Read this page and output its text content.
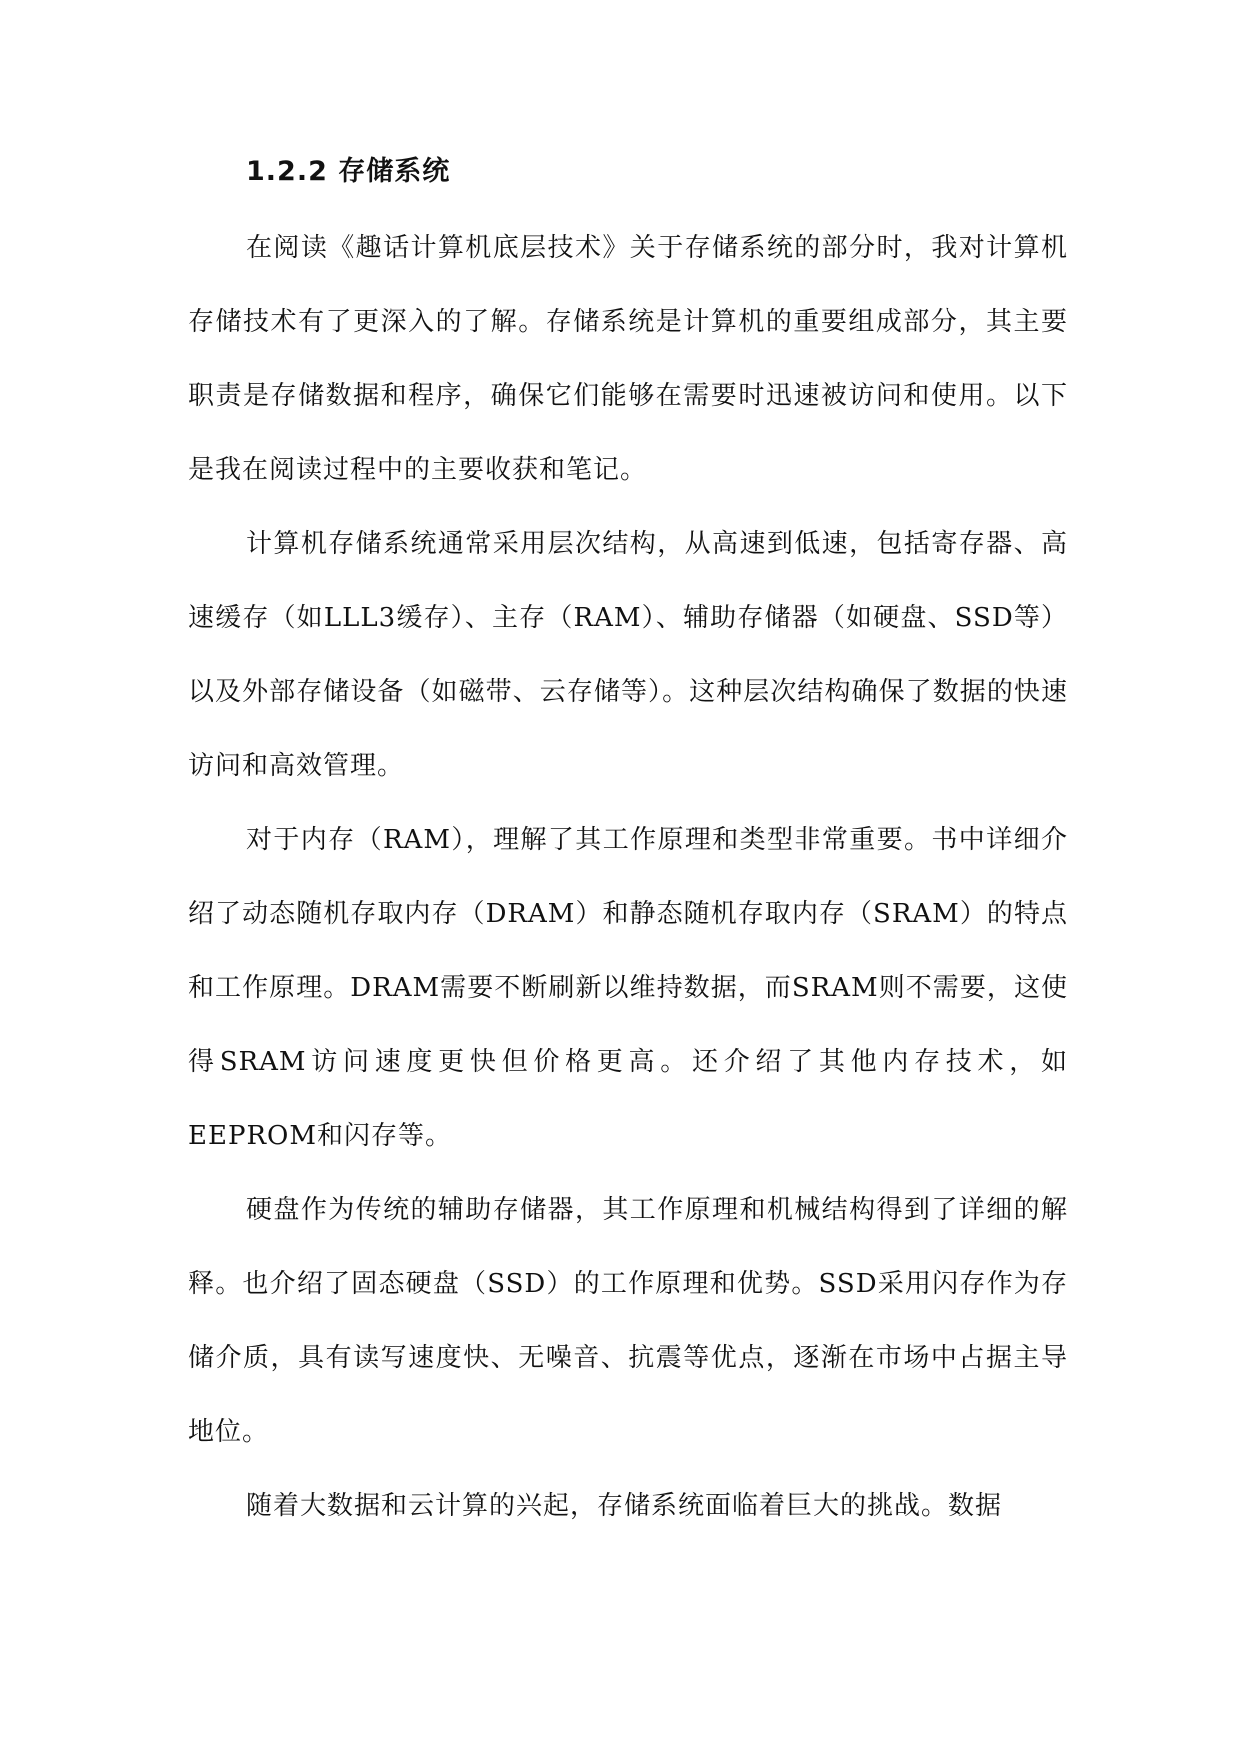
1.2.2 存储系统

在阅读《趣话计算机底层技术》关于存储系统的部分时，我对计算机存储技术有了更深入的了解。存储系统是计算机的重要组成部分，其主要职责是存储数据和程序，确保它们能够在需要时迅速被访问和使用。以下是我在阅读过程中的主要收获和笔记。

计算机存储系统通常采用层次结构，从高速到低速，包括寄存器、高速缓存（如LLL3缓存）、主存（RAM）、辅助存储器（如硬盘、SSD等）以及外部存储设备（如磁带、云存储等）。这种层次结构确保了数据的快速访问和高效管理。

对于内存（RAM），理解了其工作原理和类型非常重要。书中详细介绍了动态随机存取内存（DRAM）和静态随机存取内存（SRAM）的特点和工作原理。DRAM需要不断刷新以维持数据，而SRAM则不需要，这使得SRAM访问速度更快但价格更高。还介绍了其他内存技术，如EEPROM和闪存等。

硬盘作为传统的辅助存储器，其工作原理和机械结构得到了详细的解释。也介绍了固态硬盘（SSD）的工作原理和优势。SSD采用闪存作为存储介质，具有读写速度快、无噪音、抗震等优点，逐渐在市场中占据主导地位。

随着大数据和云计算的兴起，存储系统面临着巨大的挑战。数据
